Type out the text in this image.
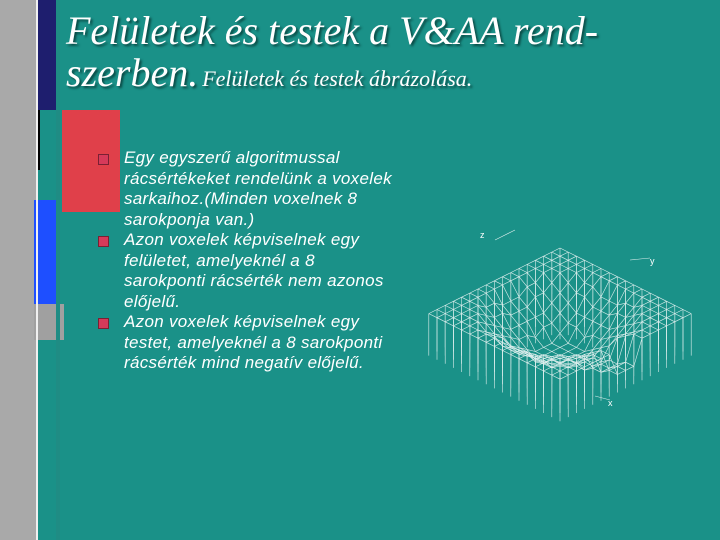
Felületek és testek a V&AA rend-szerben. Felületek és testek ábrázolása.
Egy egyszerű algoritmussal rácsértékeket rendelünk a voxelek sarkaihoz.(Minden voxelnek 8 sarokponja van.)
Azon voxelek képviselnek egy felületet, amelyeknél a 8 sarokponti rácsérték nem azonos előjelű.
Azon voxelek képviselnek egy testet, amelyeknél a 8 sarokponti rácsérték mind negatív előjelű.
z
y
x
